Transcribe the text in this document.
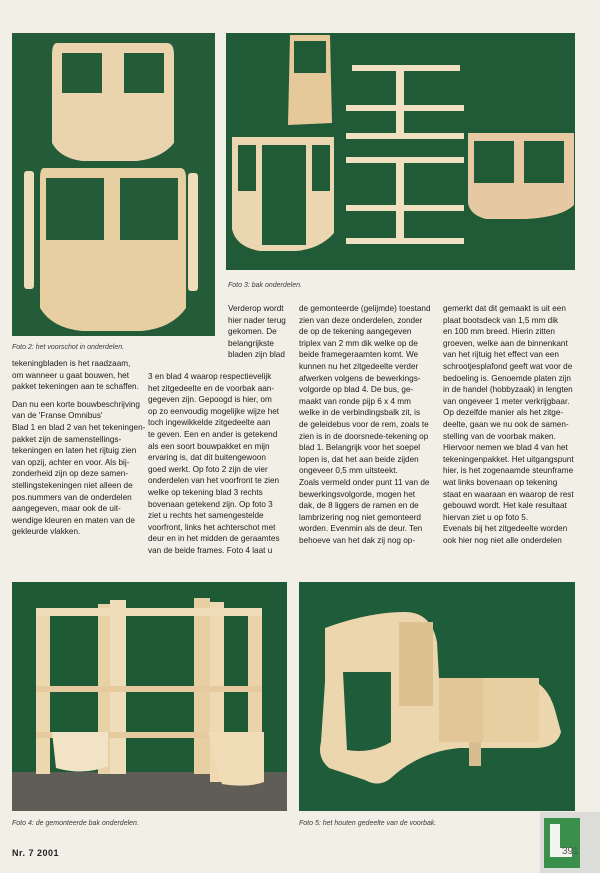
Foto 2: het voorschot in onderdelen.
Foto 3: bak onderdelen.

tekeningbladen is het raadzaam,
om wanneer u gaat bouwen, het
pakket tekeningen aan te schaffen.

Dan nu een korte bouwbeschrijving
van de 'Franse Omnibus'
Blad 1 en blad 2 van het tekeningen-
pakket zijn de samenstellings-
tekeningen en laten het rijtuig zien
van opzij, achter en voor. Als bij-
zonderheid zijn op deze samen-
stellingstekeningen niet alleen de
pos.nummers van de onderdelen
aangegeven, maar ook de uit-
wendige kleuren en maten van de
gekleurde vlakken.

Verderop wordt
hier nader terug
gekomen. De
belangrijkste
bladen zijn blad

3 en blad 4 waarop respectievelijk
het zitgedeelte en de voorbak aan-
gegeven zijn. Gepoogd is hier, om
op zo eenvoudig mogelijke wijze het
toch ingewikkelde zitgedeelte aan
te geven. Een en ander is getekend
als een soort bouwpakket en mijn
ervaring is, dat dit buitengewoon
goed werkt. Op foto 2 zijn de vier
onderdelen van het voorfront te zien
welke op tekening blad 3 rechts
bovenaan getekend zijn. Op foto 3
ziet u rechts het samengestelde
voorfront, links het achterschot met
deur en in het midden de geraamtes
van de beide frames. Foto 4 laat u

de gemonteerde (gelijmde) toestand
zien van deze onderdelen, zonder
de op de tekening aangegeven
triplex van 2 mm dik welke op de
beide framegeraamten komt. We
kunnen nu het zitgedeelte verder
afwerken volgens de bewerkings-
volgorde op blad 4. De bus, ge-
maakt van ronde pijp 6 x 4 mm
welke in de verbindingsbalk zit, is
de geleidebus voor de rem, zoals te
zien is in de doorsnede-tekening op
blad 1. Belangrijk voor het soepel
lopen is, dat het aan beide zijden
ongeveer 0,5 mm uitsteekt.
Zoals vermeld onder punt 11 van de
bewerkingsvolgorde, mogen het
dak, de 8 liggers de ramen en de
lambrizering nog niet gemonteerd
worden. Evenmin als de deur. Ten
behoeve van het dak zij nog op-

gemerkt dat dit gemaakt is uit een
plaat bootsdeck van 1,5 mm dik
en 100 mm breed. Hierin zitten
groeven, welke aan de binnenkant
van het rijtuig het effect van een
schrootjesplafond geeft wat voor de
bedoeling is. Genoemde platen zijn
in de handel (hobbyzaak) in lengten
van ongeveer 1 meter verkrijgbaar.
Op dezelfde manier als het zitge-
deelte, gaan we nu ook de samen-
stelling van de voorbak maken.
Hiervoor nemen we blad 4 van het
tekeningenpakket. Het uitgangspunt
hier, is het zogenaamde steunframe
wat links bovenaan op tekening
staat en waaraan en waarop de rest
gebouwd wordt. Het kale resultaat
hiervan ziet u op foto 5.
Evenals bij het zitgedeelte worden
ook hier nog niet alle onderdelen

Foto 4: de gemonteerde bak onderdelen.	Foto 5: het houten gedeelte van de voorbak.
Nr. 7 2001	391
